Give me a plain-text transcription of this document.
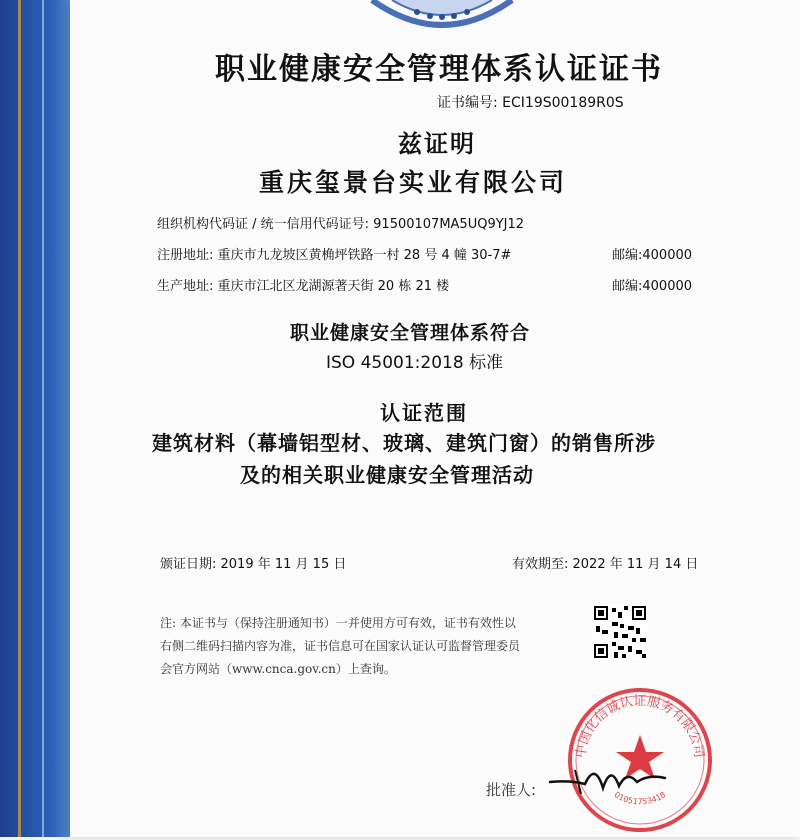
职业健康安全管理体系认证证书
证书编号: ECI19S00189R0S
兹证明
重庆玺景台实业有限公司
组织机构代码证 / 统一信用代码证号: 91500107MA5UQ9YJ12
注册地址: 重庆市九龙坡区黄桷坪铁路一村 28 号 4 幢 30-7#	邮编:400000
生产地址: 重庆市江北区龙湖源著天街 20 栋 21 楼	邮编:400000
职业健康安全管理体系符合
ISO 45001:2018 标准
认证范围
建筑材料（幕墙铝型材、玻璃、建筑门窗）的销售所涉
及的相关职业健康安全管理活动
颁证日期: 2019 年 11 月 15 日	有效期至: 2022 年 11 月 14 日
注: 本证书与（保持注册通知书）一并使用方可有效，证书有效性以
右侧二维码扫描内容为准，证书信息可在国家认证认可监督管理委员
会官方网站（www.cnca.gov.cn）上查询。
中国化信诚认证服务有限公司
01051753418
批准人:
